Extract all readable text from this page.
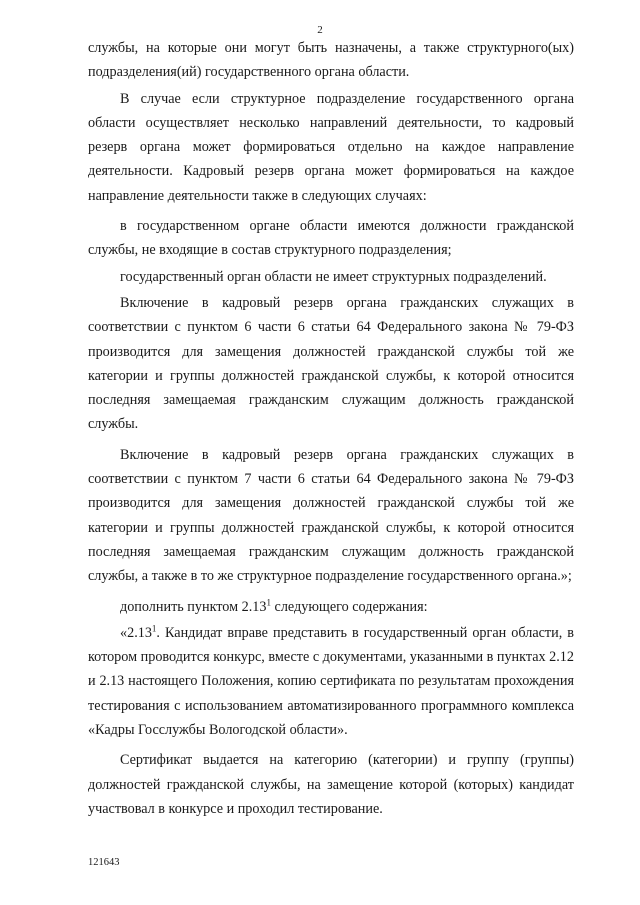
2

службы, на которые они могут быть назначены, а также структурного(ых) подразделения(ий) государственного органа области.

В случае если структурное подразделение государственного органа области осуществляет несколько направлений деятельности, то кадровый резерв органа может формироваться отдельно на каждое направление деятельности. Кадровый резерв органа может формироваться на каждое направление деятельности также в следующих случаях:

в государственном органе области имеются должности гражданской службы, не входящие в состав структурного подразделения;

государственный орган области не имеет структурных подразделений.

Включение в кадровый резерв органа гражданских служащих в соответствии с пунктом 6 части 6 статьи 64 Федерального закона № 79-ФЗ производится для замещения должностей гражданской службы той же категории и группы должностей гражданской службы, к которой относится последняя замещаемая гражданским служащим должность гражданской службы.

Включение в кадровый резерв органа гражданских служащих в соответствии с пунктом 7 части 6 статьи 64 Федерального закона № 79-ФЗ производится для замещения должностей гражданской службы той же категории и группы должностей гражданской службы, к которой относится последняя замещаемая гражданским служащим должность гражданской службы, а также в то же структурное подразделение государственного органа.»;

дополнить пунктом 2.13$^1$ следующего содержания:

«2.13$^1$. Кандидат вправе представить в государственный орган области, в котором проводится конкурс, вместе с документами, указанными в пунктах 2.12 и 2.13 настоящего Положения, копию сертификата по результатам прохождения тестирования с использованием автоматизированного программного комплекса «Кадры Госслужбы Вологодской области».

Сертификат выдается на категорию (категории) и группу (группы) должностей гражданской службы, на замещение которой (которых) кандидат участвовал в конкурсе и проходил тестирование.

121643
